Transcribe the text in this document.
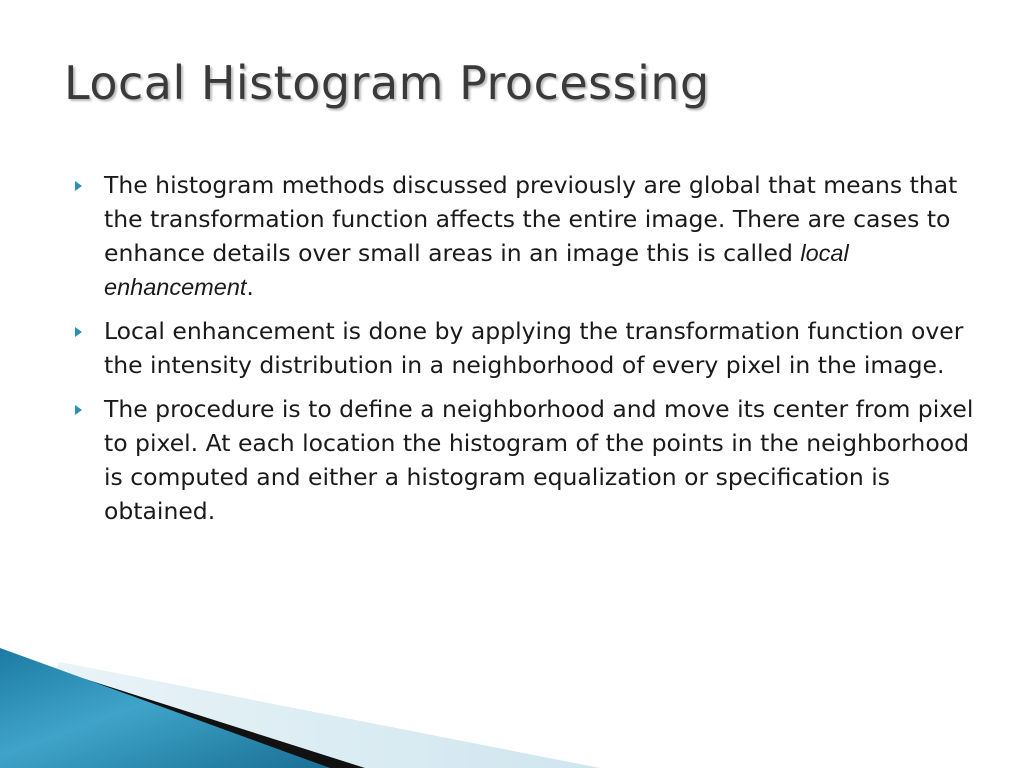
Local Histogram Processing
The histogram methods discussed previously are global that means that the transformation function affects the entire image. There are cases to enhance details over small areas in an image this is called local enhancement.
Local enhancement is done by applying the transformation function over the intensity distribution in a neighborhood of every pixel in the image.
The procedure is to define a neighborhood and move its center from pixel to pixel. At each location the histogram of the points in the neighborhood is computed and either a histogram equalization or specification is obtained.
